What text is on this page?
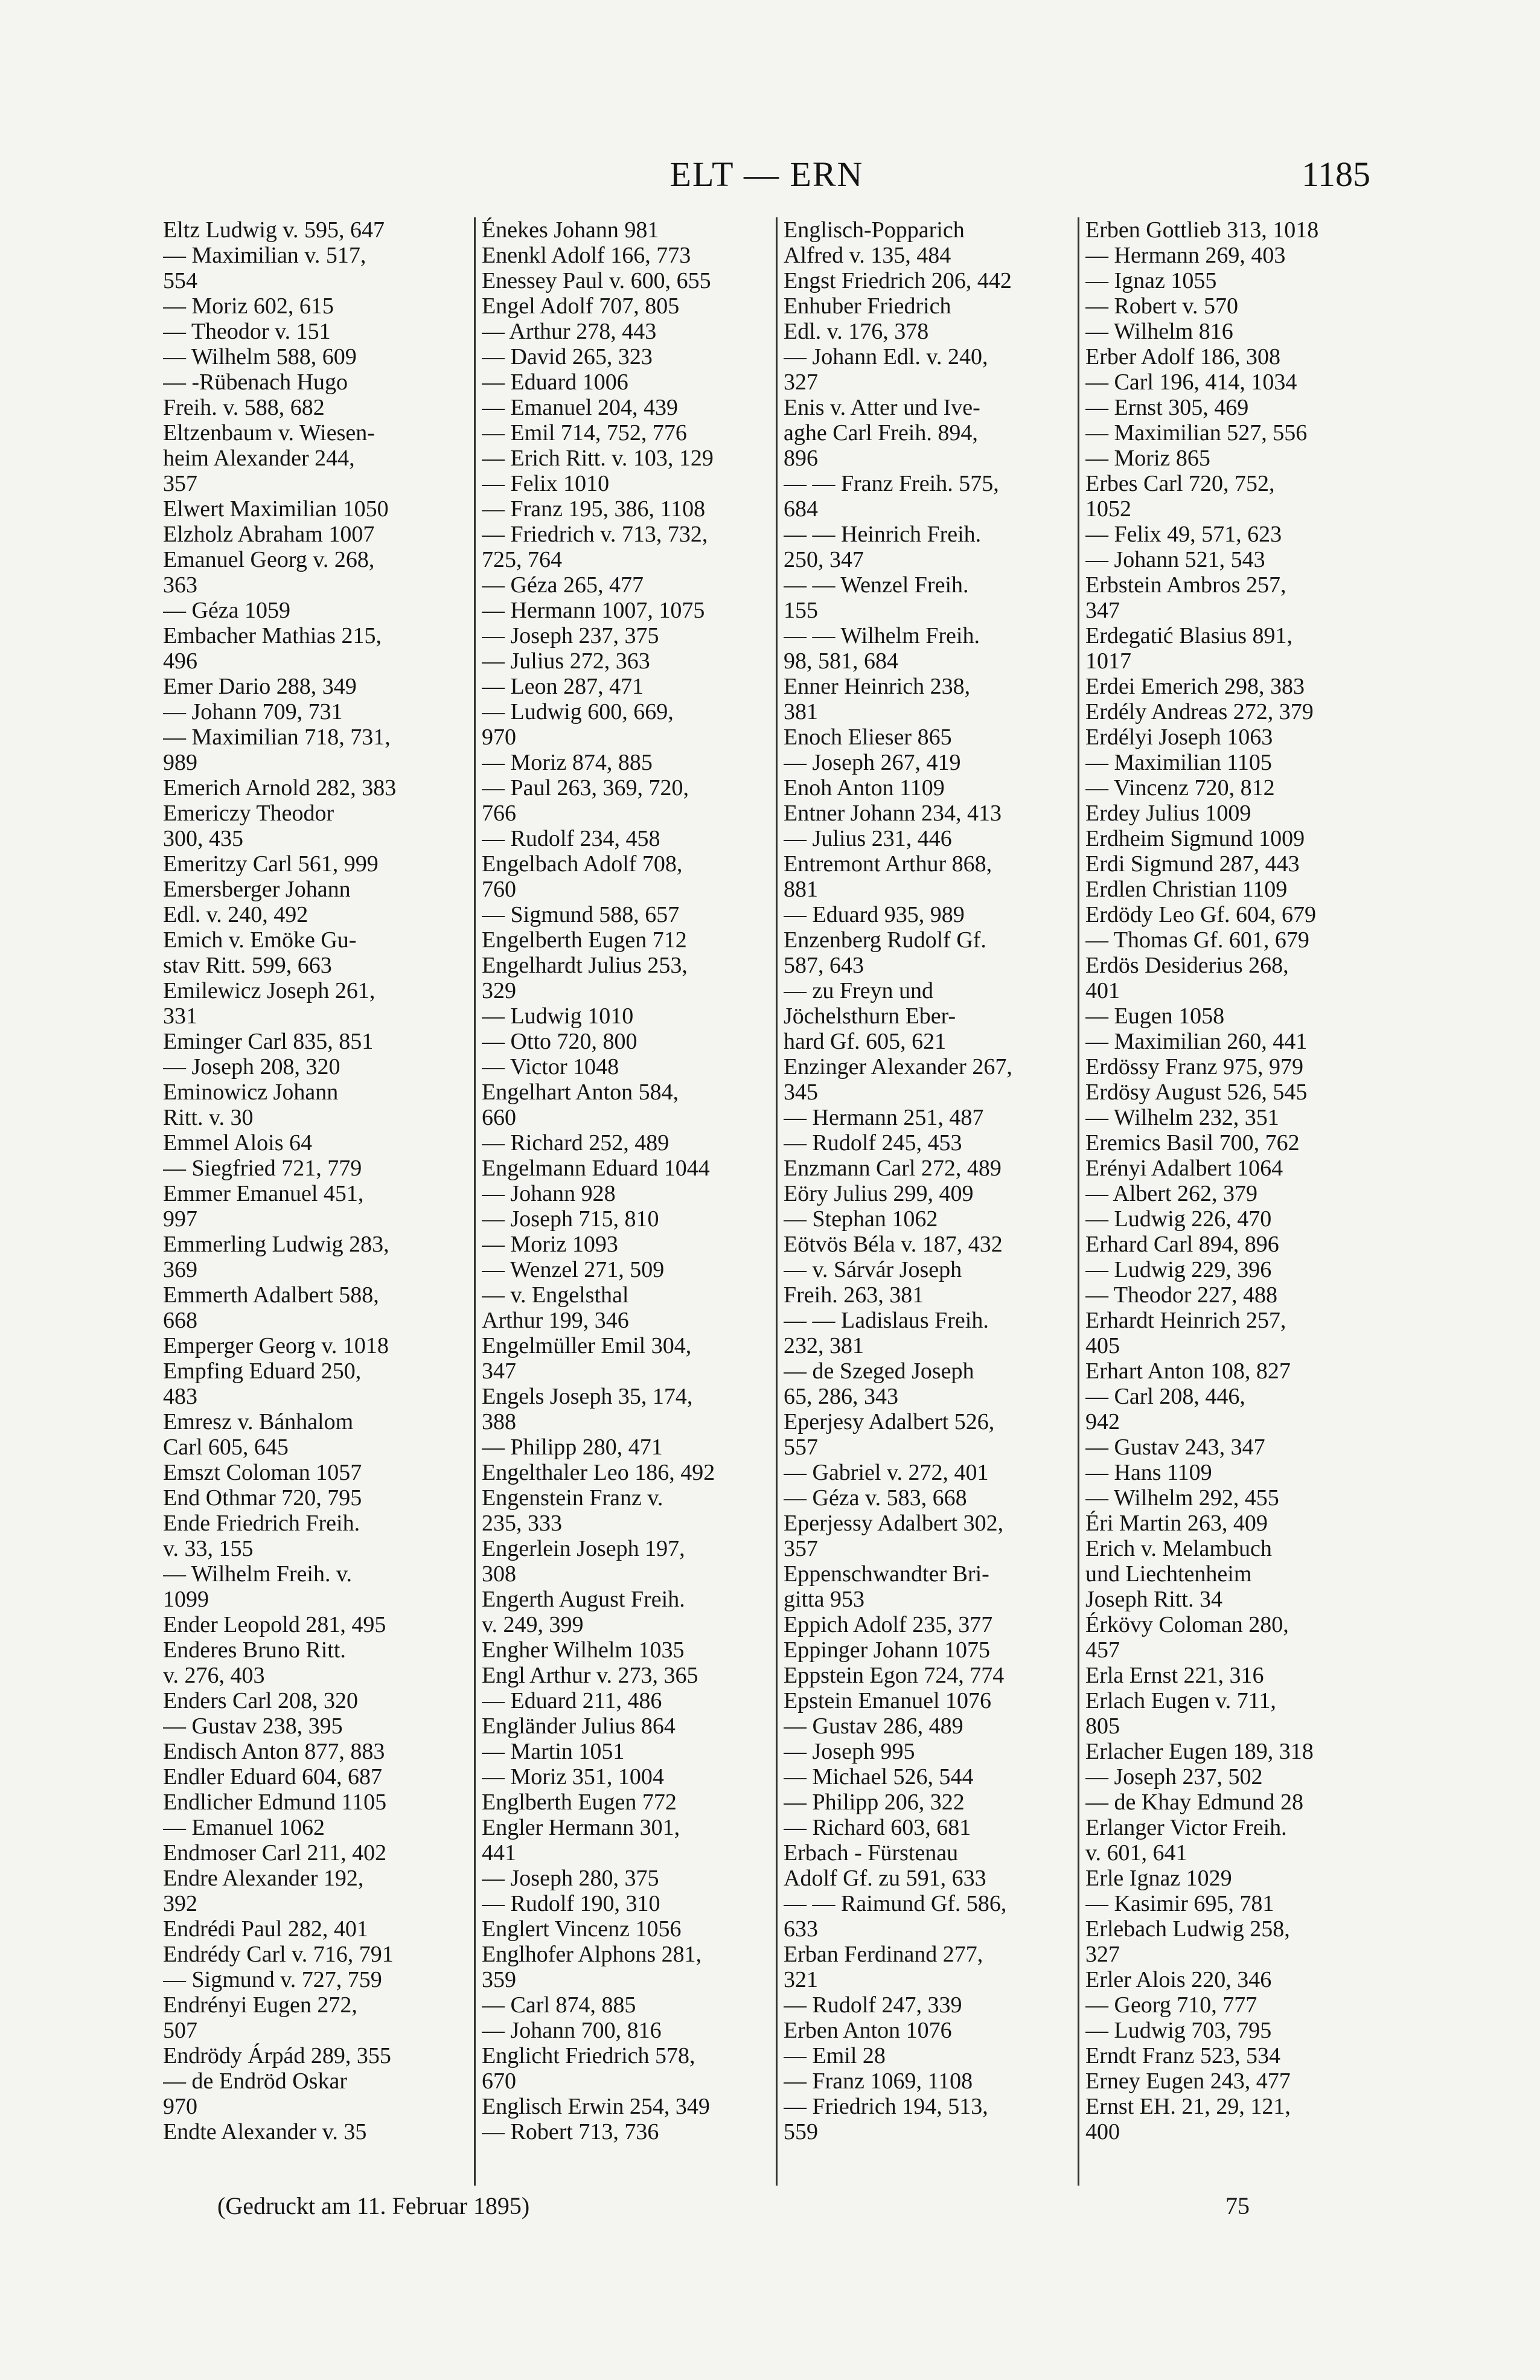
ELT — ERN	1185
Eltz Ludwig v. 595, 647
— Maximilian v. 517,
554
— Moriz 602, 615
— Theodor v. 151
— Wilhelm 588, 609
— -Rübenach Hugo
Freih. v. 588, 682
Eltzenbaum v. Wiesen-
heim Alexander 244,
357
Elwert Maximilian 1050
Elzholz Abraham 1007
Emanuel Georg v. 268,
363
— Géza 1059
Embacher Mathias 215,
496
Emer Dario 288, 349
— Johann 709, 731
— Maximilian 718, 731,
989
Emerich Arnold 282, 383
Emericzy Theodor
300, 435
Emeritzy Carl 561, 999
Emersberger Johann
Edl. v. 240, 492
Emich v. Emöke Gu-
stav Ritt. 599, 663
Emilewicz Joseph 261,
331
Eminger Carl 835, 851
— Joseph 208, 320
Eminowicz Johann
Ritt. v. 30
Emmel Alois 64
— Siegfried 721, 779
Emmer Emanuel 451,
997
Emmerling Ludwig 283,
369
Emmerth Adalbert 588,
668
Emperger Georg v. 1018
Empfing Eduard 250,
483
Emresz v. Bánhalom
Carl 605, 645
Emszt Coloman 1057
End Othmar 720, 795
Ende Friedrich Freih.
v. 33, 155
— Wilhelm Freih. v.
1099
Ender Leopold 281, 495
Enderes Bruno Ritt.
v. 276, 403
Enders Carl 208, 320
— Gustav 238, 395
Endisch Anton 877, 883
Endler Eduard 604, 687
Endlicher Edmund 1105
— Emanuel 1062
Endmoser Carl 211, 402
Endre Alexander 192,
392
Endrédi Paul 282, 401
Endrédy Carl v. 716, 791
— Sigmund v. 727, 759
Endrényi Eugen 272,
507
Endrödy Árpád 289, 355
— de Endröd Oskar
970
Endte Alexander v. 35
Énekes Johann 981
Enenkl Adolf 166, 773
Enessey Paul v. 600, 655
Engel Adolf 707, 805
— Arthur 278, 443
— David 265, 323
— Eduard 1006
— Emanuel 204, 439
— Emil 714, 752, 776
— Erich Ritt. v. 103, 129
— Felix 1010
— Franz 195, 386, 1108
— Friedrich v. 713, 732,
725, 764
— Géza 265, 477
— Hermann 1007, 1075
— Joseph 237, 375
— Julius 272, 363
— Leon 287, 471
— Ludwig 600, 669,
970
— Moriz 874, 885
— Paul 263, 369, 720,
766
— Rudolf 234, 458
Engelbach Adolf 708,
760
— Sigmund 588, 657
Engelberth Eugen 712
Engelhardt Julius 253,
329
— Ludwig 1010
— Otto 720, 800
— Victor 1048
Engelhart Anton 584,
660
— Richard 252, 489
Engelmann Eduard 1044
— Johann 928
— Joseph 715, 810
— Moriz 1093
— Wenzel 271, 509
— v. Engelsthal
Arthur 199, 346
Engelmüller Emil 304,
347
Engels Joseph 35, 174,
388
— Philipp 280, 471
Engelthaler Leo 186, 492
Engenstein Franz v.
235, 333
Engerlein Joseph 197,
308
Engerth August Freih.
v. 249, 399
Engher Wilhelm 1035
Engl Arthur v. 273, 365
— Eduard 211, 486
Engländer Julius 864
— Martin 1051
— Moriz 351, 1004
Englberth Eugen 772
Engler Hermann 301,
441
— Joseph 280, 375
— Rudolf 190, 310
Englert Vincenz 1056
Englhofer Alphons 281,
359
— Carl 874, 885
— Johann 700, 816
Englicht Friedrich 578,
670
Englisch Erwin 254, 349
— Robert 713, 736
Englisch-Popparich
Alfred v. 135, 484
Engst Friedrich 206, 442
Enhuber Friedrich
Edl. v. 176, 378
— Johann Edl. v. 240,
327
Enis v. Atter und Ive-
aghe Carl Freih. 894,
896
— — Franz Freih. 575,
684
— — Heinrich Freih.
250, 347
— — Wenzel Freih.
155
— — Wilhelm Freih.
98, 581, 684
Enner Heinrich 238,
381
Enoch Elieser 865
— Joseph 267, 419
Enoh Anton 1109
Entner Johann 234, 413
— Julius 231, 446
Entremont Arthur 868,
881
— Eduard 935, 989
Enzenberg Rudolf Gf.
587, 643
— zu Freyn und
Jöchelsthurn Eber-
hard Gf. 605, 621
Enzinger Alexander 267,
345
— Hermann 251, 487
— Rudolf 245, 453
Enzmann Carl 272, 489
Eöry Julius 299, 409
— Stephan 1062
Eötvös Béla v. 187, 432
— v. Sárvár Joseph
Freih. 263, 381
— — Ladislaus Freih.
232, 381
— de Szeged Joseph
65, 286, 343
Eperjesy Adalbert 526,
557
— Gabriel v. 272, 401
— Géza v. 583, 668
Eperjessy Adalbert 302,
357
Eppenschwandter Bri-
gitta 953
Eppich Adolf 235, 377
Eppinger Johann 1075
Eppstein Egon 724, 774
Epstein Emanuel 1076
— Gustav 286, 489
— Joseph 995
— Michael 526, 544
— Philipp 206, 322
— Richard 603, 681
Erbach - Fürstenau
Adolf Gf. zu 591, 633
— — Raimund Gf. 586,
633
Erban Ferdinand 277,
321
— Rudolf 247, 339
Erben Anton 1076
— Emil 28
— Franz 1069, 1108
— Friedrich 194, 513,
559
Erben Gottlieb 313, 1018
— Hermann 269, 403
— Ignaz 1055
— Robert v. 570
— Wilhelm 816
Erber Adolf 186, 308
— Carl 196, 414, 1034
— Ernst 305, 469
— Maximilian 527, 556
— Moriz 865
Erbes Carl 720, 752,
1052
— Felix 49, 571, 623
— Johann 521, 543
Erbstein Ambros 257,
347
Erdegatić Blasius 891,
1017
Erdei Emerich 298, 383
Erdély Andreas 272, 379
Erdélyi Joseph 1063
— Maximilian 1105
— Vincenz 720, 812
Erdey Julius 1009
Erdheim Sigmund 1009
Erdi Sigmund 287, 443
Erdlen Christian 1109
Erdödy Leo Gf. 604, 679
— Thomas Gf. 601, 679
Erdös Desiderius 268,
401
— Eugen 1058
— Maximilian 260, 441
Erdössy Franz 975, 979
Erdösy August 526, 545
— Wilhelm 232, 351
Eremics Basil 700, 762
Erényi Adalbert 1064
— Albert 262, 379
— Ludwig 226, 470
Erhard Carl 894, 896
— Ludwig 229, 396
— Theodor 227, 488
Erhardt Heinrich 257,
405
Erhart Anton 108, 827
— Carl 208, 446,
942
— Gustav 243, 347
— Hans 1109
— Wilhelm 292, 455
Éri Martin 263, 409
Erich v. Melambuch
und Liechtenheim
Joseph Ritt. 34
Érkövy Coloman 280,
457
Erla Ernst 221, 316
Erlach Eugen v. 711,
805
Erlacher Eugen 189, 318
— Joseph 237, 502
— de Khay Edmund 28
Erlanger Victor Freih.
v. 601, 641
Erle Ignaz 1029
— Kasimir 695, 781
Erlebach Ludwig 258,
327
Erler Alois 220, 346
— Georg 710, 777
— Ludwig 703, 795
Erndt Franz 523, 534
Erney Eugen 243, 477
Ernst EH. 21, 29, 121,
400
(Gedruckt am 11. Februar 1895)	75
